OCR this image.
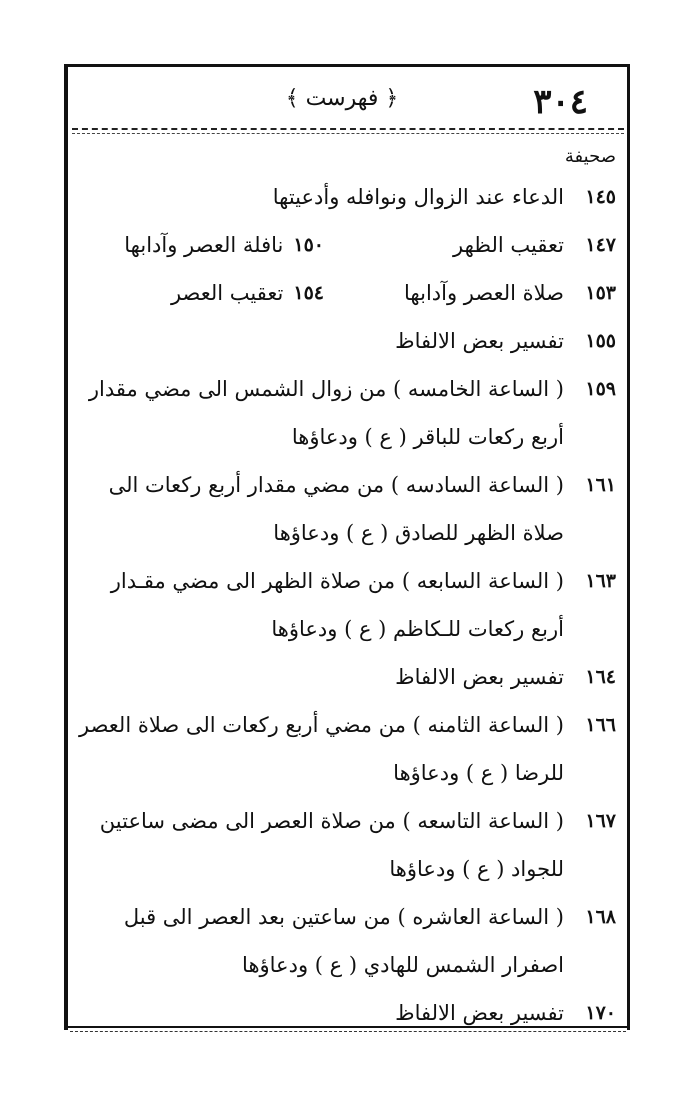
٣٠٤
﴿ فهرست ﴾
صحيفة
١٤٥
الدعاء عند الزوال ونوافله وأدعيتها
١٤٧
تعقيب الظهر
١٥٠
نافلة العصر وآدابها
١٥٣
صلاة العصر وآدابها
١٥٤
تعقيب العصر
١٥٥
تفسير بعض الالفاظ
١٥٩
( الساعة الخامسه ) من زوال الشمس الى مضي مقدار أربع ركعات للباقر ( ع ) ودعاؤها
١٦١
( الساعة السادسه ) من مضي مقدار أربع ركعات الى صلاة الظهر للصادق ( ع ) ودعاؤها
١٦٣
( الساعة السابعه ) من صلاة الظهر الى مضي مقـدار أربع ركعات للـكاظم ( ع ) ودعاؤها
١٦٤
تفسير بعض الالفاظ
١٦٦
( الساعة الثامنه ) من مضي أربع ركعات الى صلاة العصر للرضا ( ع ) ودعاؤها
١٦٧
( الساعة التاسعه ) من صلاة العصر الى مضى ساعتين للجواد ( ع ) ودعاؤها
١٦٨
( الساعة العاشره ) من ساعتين بعد العصر الى قبل اصفرار الشمس للهادي ( ع ) ودعاؤها
١٧٠
تفسير بعض الالفاظ
